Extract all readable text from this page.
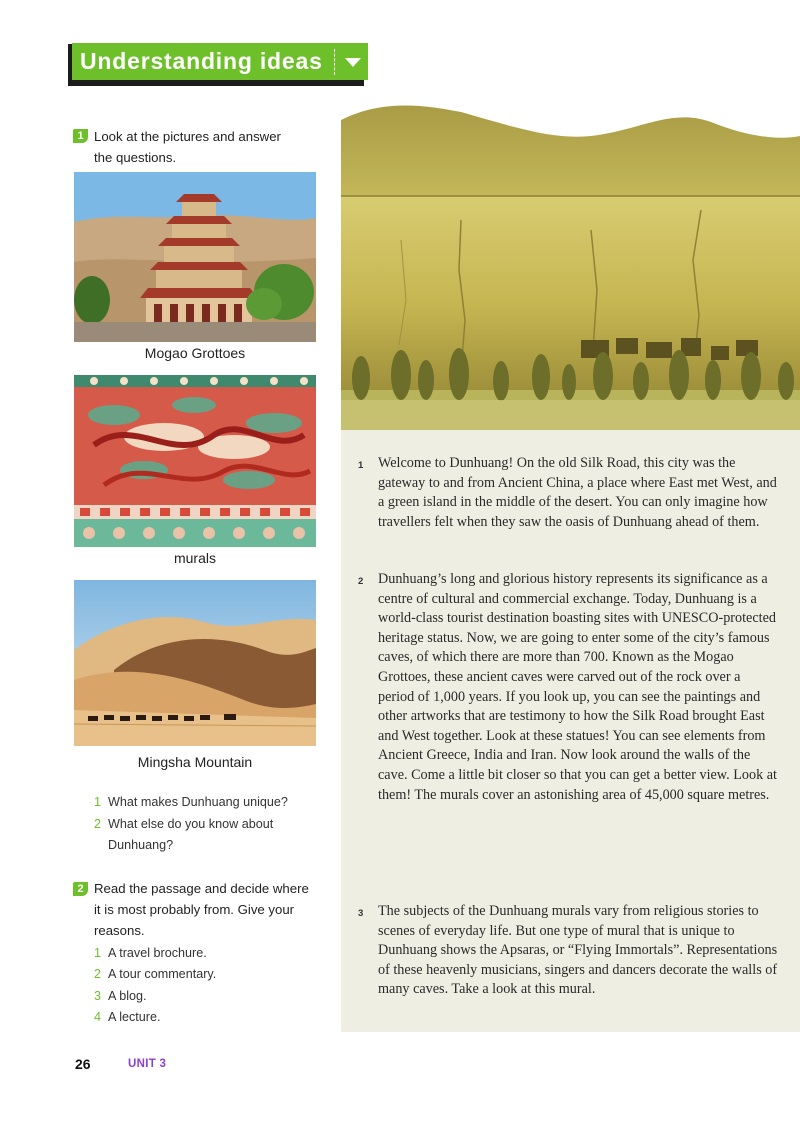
Understanding ideas
1 Welcome to Dunhuang! On the old Silk Road, this city was the gateway to and from Ancient China, a place where East met West, and a green island in the middle of the desert. You can only imagine how travellers felt when they saw the oasis of Dunhuang ahead of them.
2 Dunhuang’s long and glorious history represents its significance as a centre of cultural and commercial exchange. Today, Dunhuang is a world-class tourist destination boasting sites with UNESCO-protected heritage status. Now, we are going to enter some of the city’s famous caves, of which there are more than 700. Known as the Mogao Grottoes, these ancient caves were carved out of the rock over a period of 1,000 years. If you look up, you can see the paintings and other artworks that are testimony to how the Silk Road brought East and West together. Look at these statues! You can see elements from Ancient Greece, India and Iran. Now look around the walls of the cave. Come a little bit closer so that you can get a better view. Look at them! The murals cover an astonishing area of 45,000 square metres.
3 The subjects of the Dunhuang murals vary from religious stories to scenes of everyday life. But one type of mural that is unique to Dunhuang shows the Apsaras, or “Flying Immortals”. Representations of these heavenly musicians, singers and dancers decorate the walls of many caves. Take a look at this mural.
1 Look at the pictures and answer
the questions.
Mogao Grottoes
murals
Mingsha Mountain
1 What makes Dunhuang unique?
2 What else do you know about
Dunhuang?
2 Read the passage and decide where
it is most probably from. Give your
reasons.
1 A travel brochure.
2 A tour commentary.
3 A blog.
4 A lecture.
26	UNIT 3
